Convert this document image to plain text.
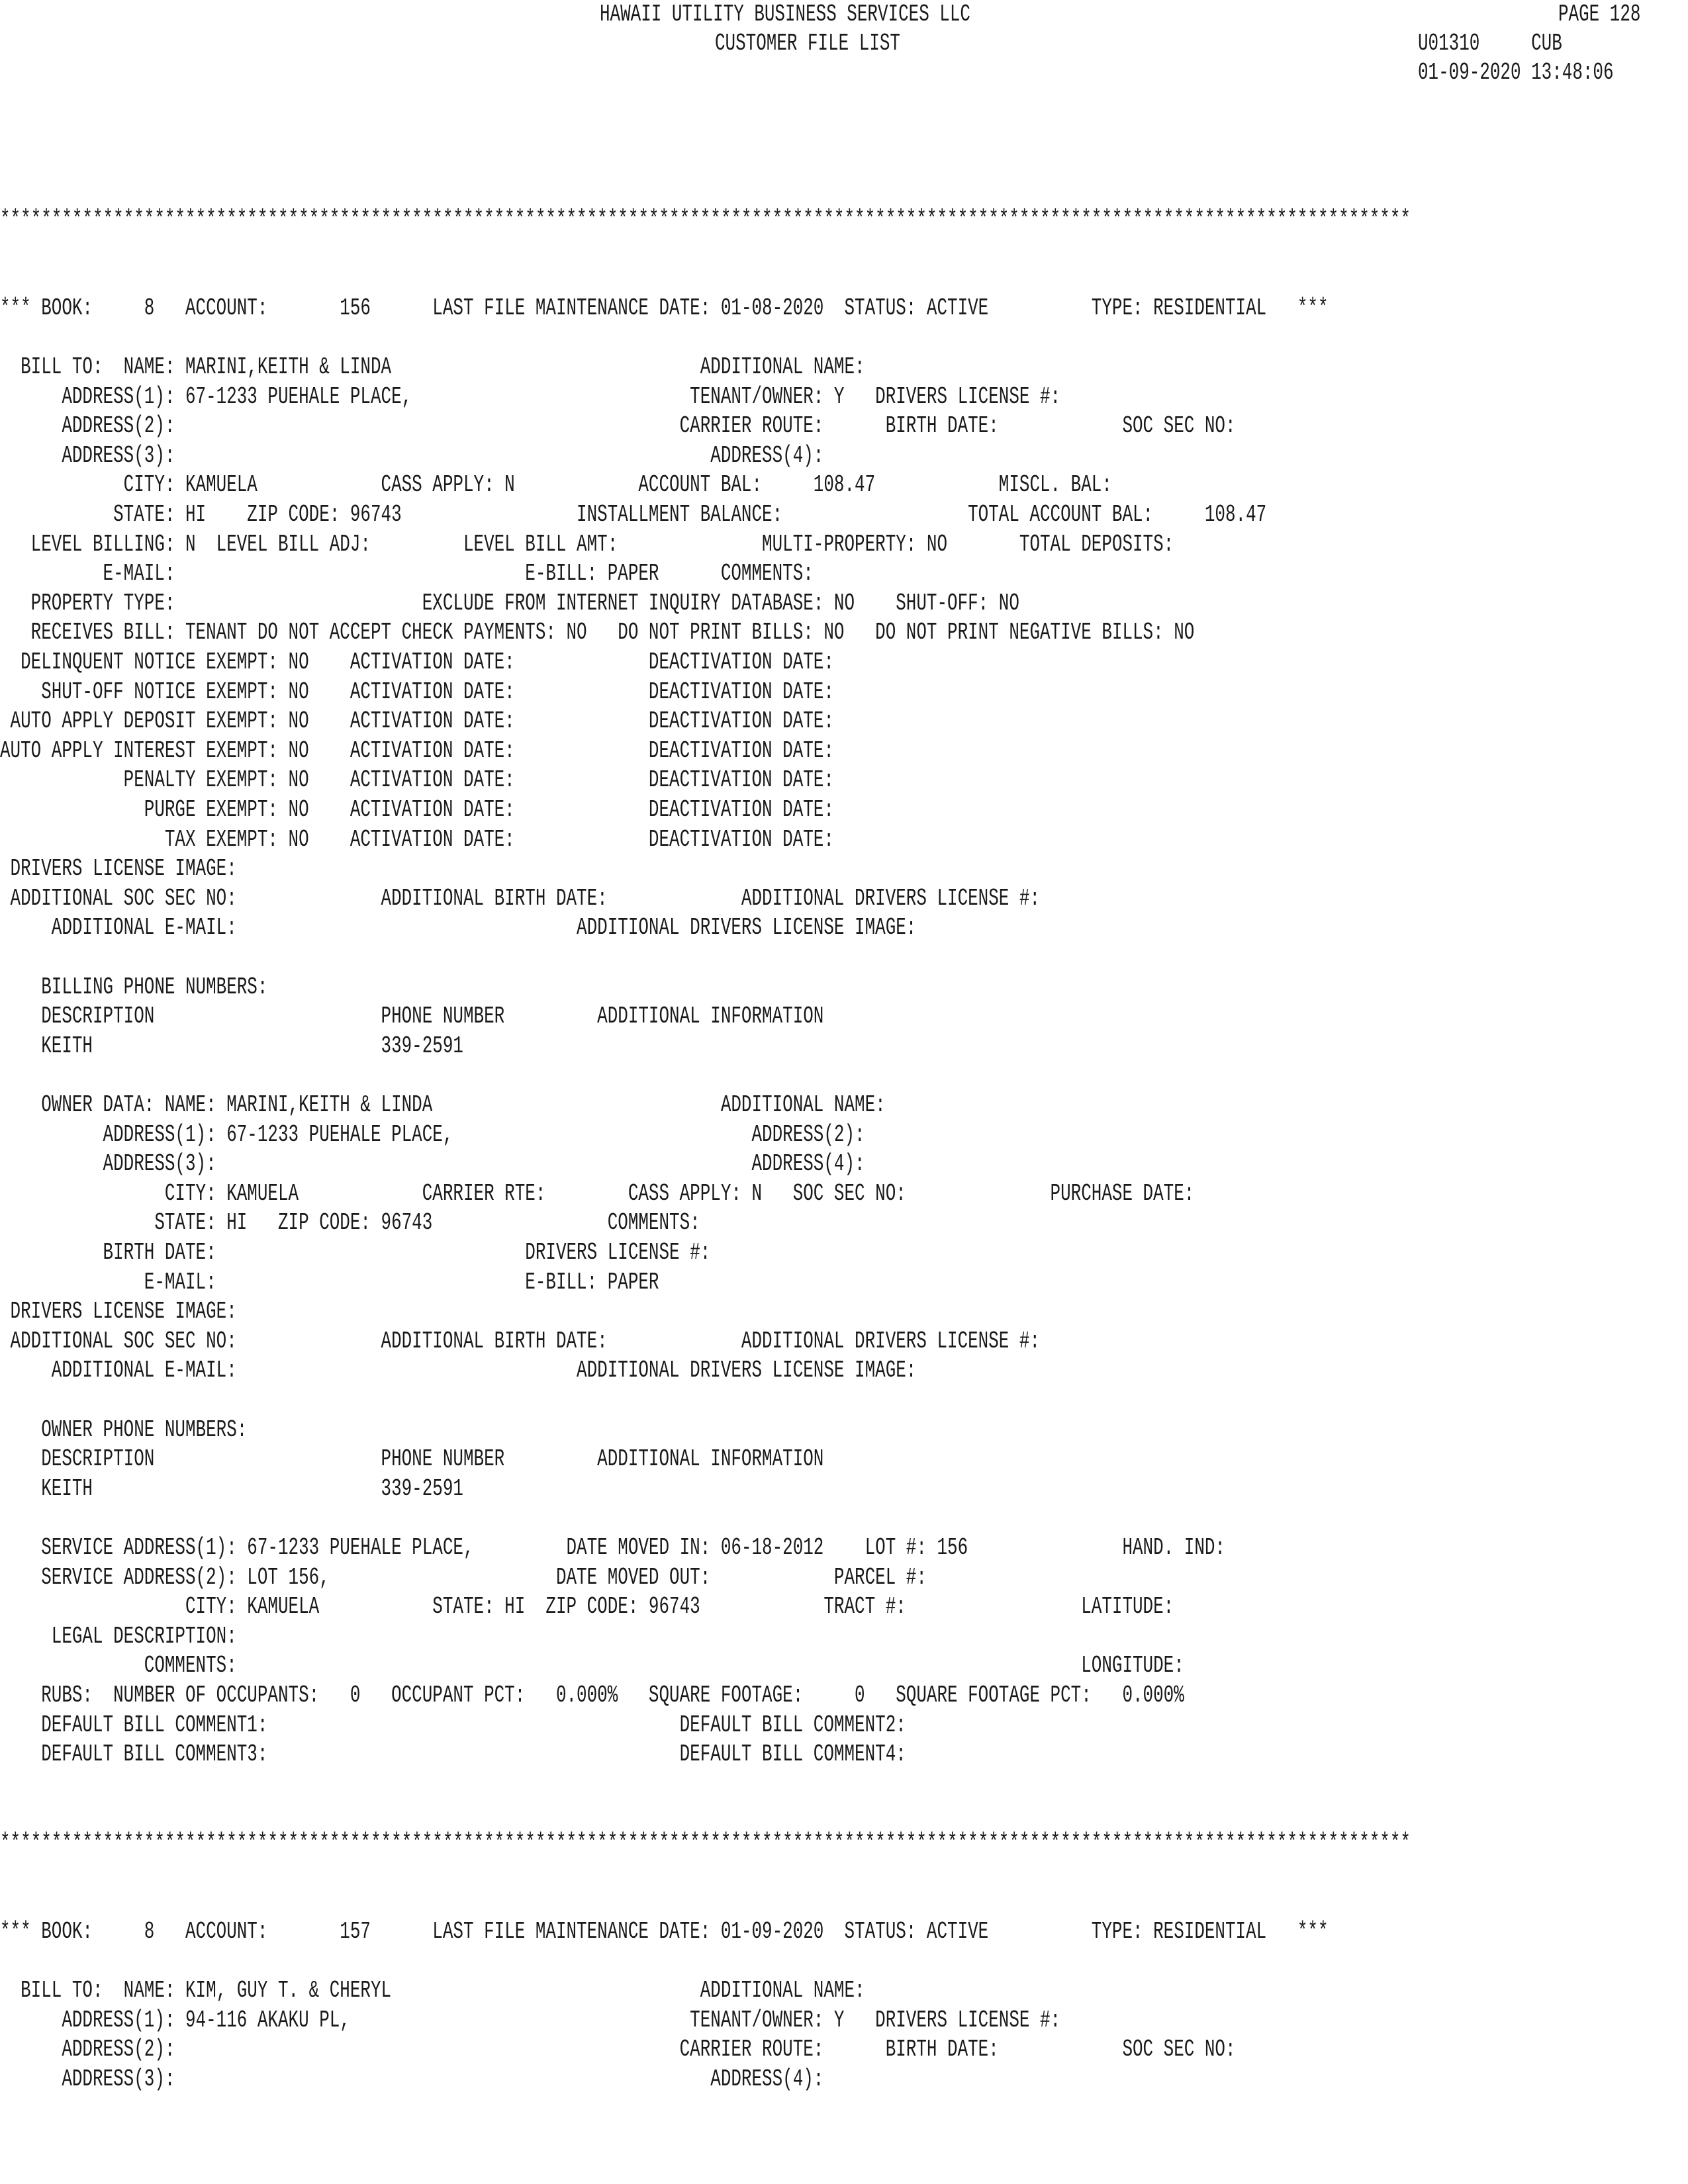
HAWAII UTILITY BUSINESS SERVICES LLC
CUSTOMER FILE LIST
PAGE 128
U01310     CUB
01-09-2020 13:48:06
*****************************************************************************************************************************************
*** BOOK:     8   ACCOUNT:       156      LAST FILE MAINTENANCE DATE: 01-08-2020  STATUS: ACTIVE          TYPE: RESIDENTIAL   ***
BILL TO:  NAME: MARINI,KEITH & LINDA                              ADDITIONAL NAME:
ADDRESS(1): 67-1233 PUEHALE PLACE,                           TENANT/OWNER: Y   DRIVERS LICENSE #:
ADDRESS(2):                                                 CARRIER ROUTE:      BIRTH DATE:            SOC SEC NO:
ADDRESS(3):                                                    ADDRESS(4):
CITY: KAMUELA            CASS APPLY: N            ACCOUNT BAL:     108.47            MISCL. BAL:
STATE: HI    ZIP CODE: 96743                 INSTALLMENT BALANCE:                  TOTAL ACCOUNT BAL:     108.47
LEVEL BILLING: N  LEVEL BILL ADJ:         LEVEL BILL AMT:              MULTI-PROPERTY: NO       TOTAL DEPOSITS:
E-MAIL:                                  E-BILL: PAPER      COMMENTS:
PROPERTY TYPE:                        EXCLUDE FROM INTERNET INQUIRY DATABASE: NO    SHUT-OFF: NO
RECEIVES BILL: TENANT DO NOT ACCEPT CHECK PAYMENTS: NO   DO NOT PRINT BILLS: NO   DO NOT PRINT NEGATIVE BILLS: NO
DELINQUENT NOTICE EXEMPT: NO    ACTIVATION DATE:             DEACTIVATION DATE:
SHUT-OFF NOTICE EXEMPT: NO    ACTIVATION DATE:             DEACTIVATION DATE:
AUTO APPLY DEPOSIT EXEMPT: NO    ACTIVATION DATE:             DEACTIVATION DATE:
AUTO APPLY INTEREST EXEMPT: NO    ACTIVATION DATE:             DEACTIVATION DATE:
PENALTY EXEMPT: NO    ACTIVATION DATE:             DEACTIVATION DATE:
PURGE EXEMPT: NO    ACTIVATION DATE:             DEACTIVATION DATE:
TAX EXEMPT: NO    ACTIVATION DATE:             DEACTIVATION DATE:
DRIVERS LICENSE IMAGE:
ADDITIONAL SOC SEC NO:              ADDITIONAL BIRTH DATE:             ADDITIONAL DRIVERS LICENSE #:
ADDITIONAL E-MAIL:                                 ADDITIONAL DRIVERS LICENSE IMAGE:
BILLING PHONE NUMBERS:
DESCRIPTION                      PHONE NUMBER         ADDITIONAL INFORMATION
KEITH                            339-2591
OWNER DATA: NAME: MARINI,KEITH & LINDA                            ADDITIONAL NAME:
ADDRESS(1): 67-1233 PUEHALE PLACE,                             ADDRESS(2):
ADDRESS(3):                                                    ADDRESS(4):
CITY: KAMUELA            CARRIER RTE:        CASS APPLY: N   SOC SEC NO:              PURCHASE DATE:
STATE: HI   ZIP CODE: 96743                 COMMENTS:
BIRTH DATE:                              DRIVERS LICENSE #:
E-MAIL:                              E-BILL: PAPER
DRIVERS LICENSE IMAGE:
ADDITIONAL SOC SEC NO:              ADDITIONAL BIRTH DATE:             ADDITIONAL DRIVERS LICENSE #:
ADDITIONAL E-MAIL:                                 ADDITIONAL DRIVERS LICENSE IMAGE:
OWNER PHONE NUMBERS:
DESCRIPTION                      PHONE NUMBER         ADDITIONAL INFORMATION
KEITH                            339-2591
SERVICE ADDRESS(1): 67-1233 PUEHALE PLACE,         DATE MOVED IN: 06-18-2012    LOT #: 156               HAND. IND:
SERVICE ADDRESS(2): LOT 156,                      DATE MOVED OUT:            PARCEL #:
CITY: KAMUELA           STATE: HI  ZIP CODE: 96743            TRACT #:                 LATITUDE:
LEGAL DESCRIPTION:
COMMENTS:                                                                                  LONGITUDE:
RUBS:  NUMBER OF OCCUPANTS:   0   OCCUPANT PCT:   0.000%   SQUARE FOOTAGE:     0   SQUARE FOOTAGE PCT:   0.000%
DEFAULT BILL COMMENT1:                                        DEFAULT BILL COMMENT2:
DEFAULT BILL COMMENT3:                                        DEFAULT BILL COMMENT4:
*****************************************************************************************************************************************
*** BOOK:     8   ACCOUNT:       157      LAST FILE MAINTENANCE DATE: 01-09-2020  STATUS: ACTIVE          TYPE: RESIDENTIAL   ***
BILL TO:  NAME: KIM, GUY T. & CHERYL                              ADDITIONAL NAME:
ADDRESS(1): 94-116 AKAKU PL,                                 TENANT/OWNER: Y   DRIVERS LICENSE #:
ADDRESS(2):                                                 CARRIER ROUTE:      BIRTH DATE:            SOC SEC NO:
ADDRESS(3):                                                    ADDRESS(4):
